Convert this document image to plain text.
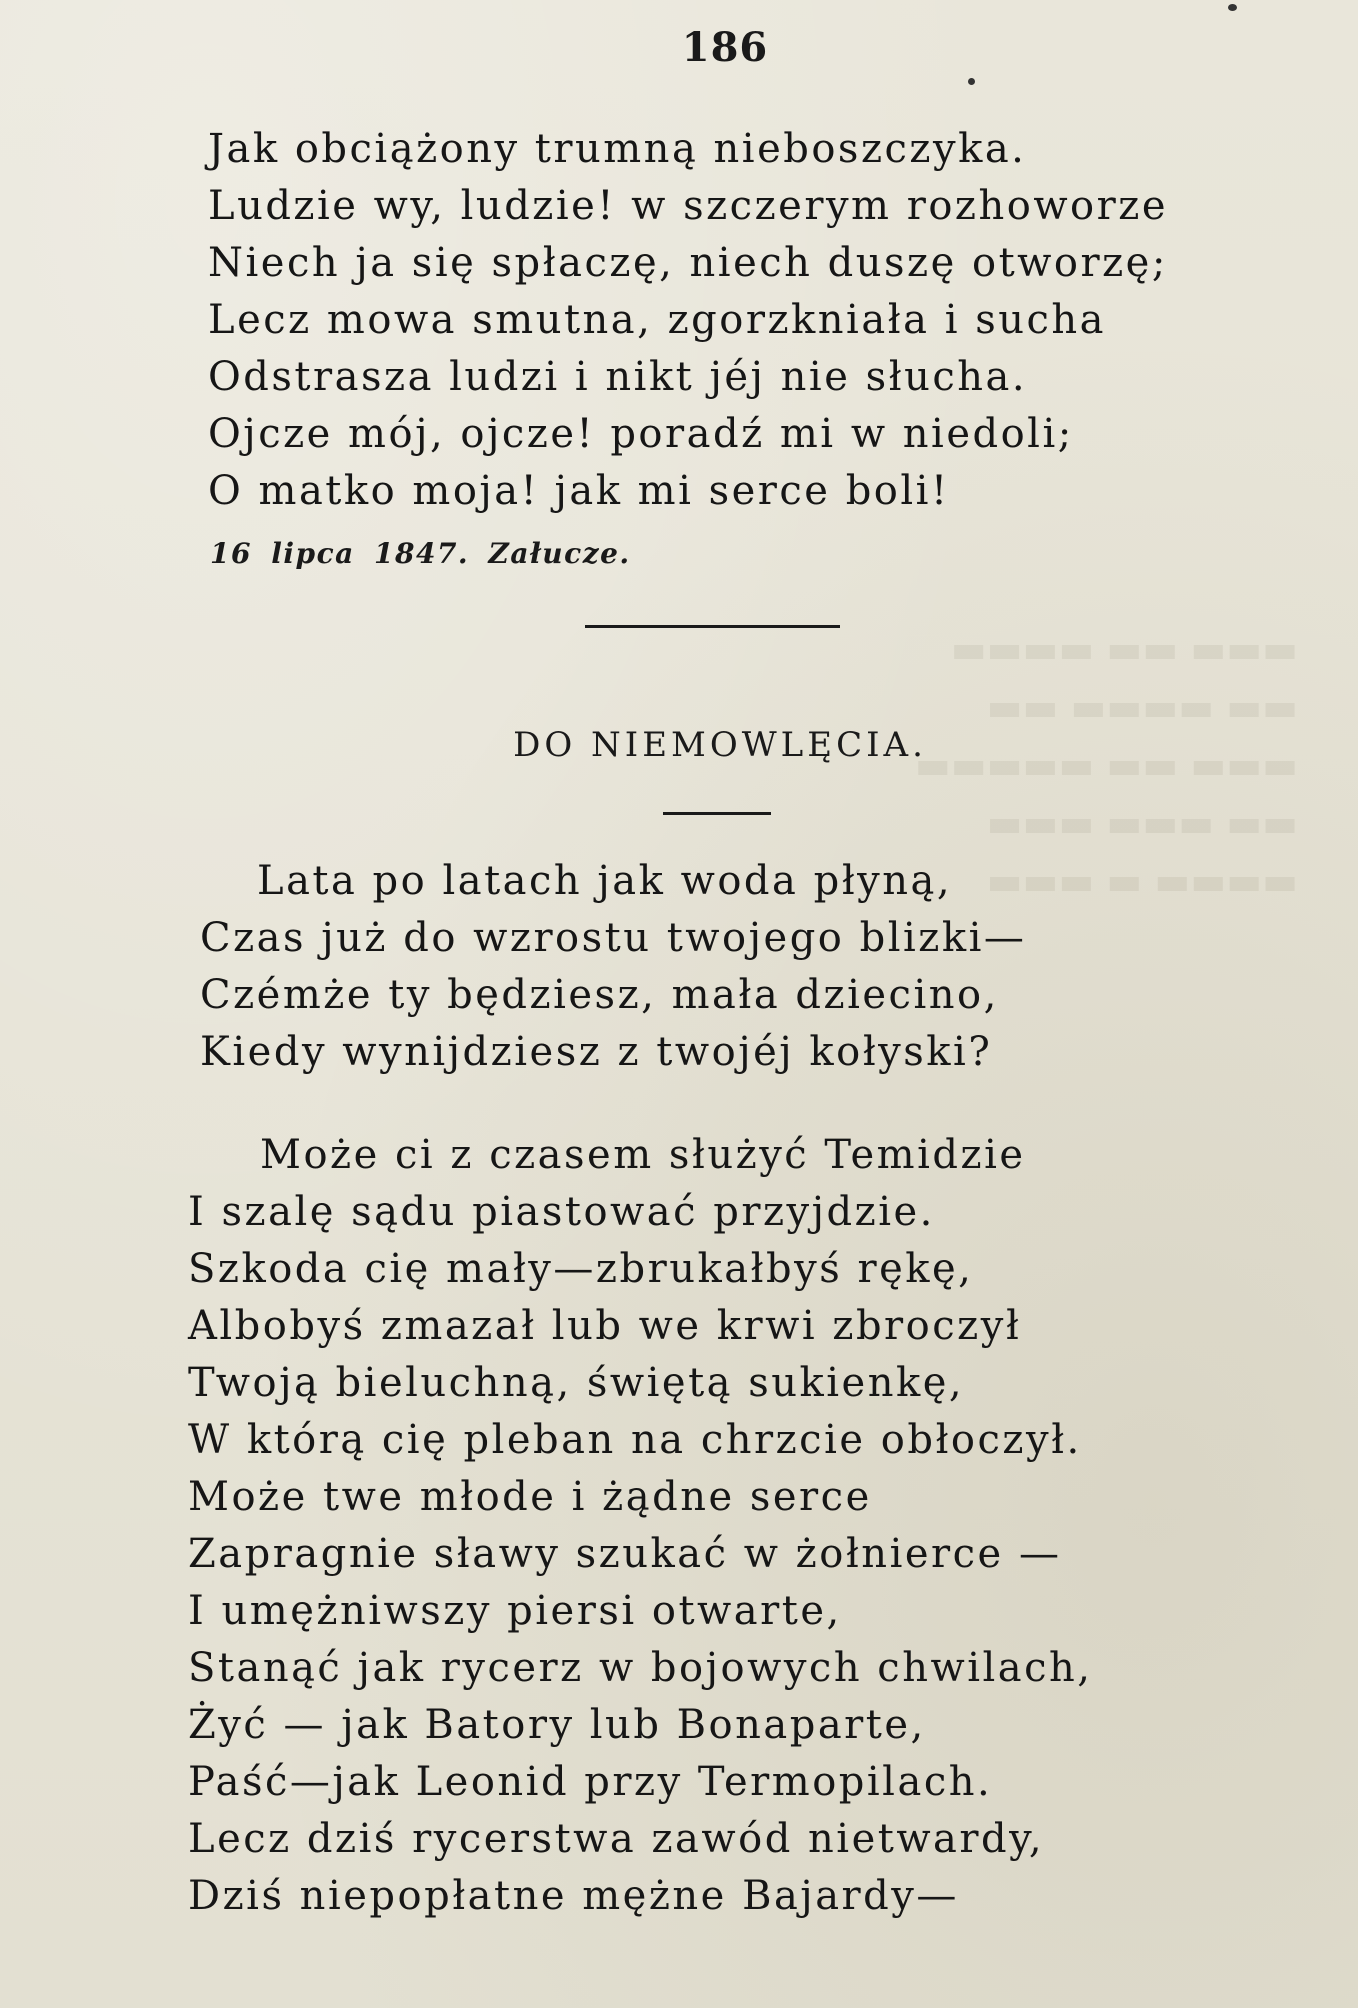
▬▬▬ ▬▬ ▬▬▬▬
▬▬ ▬▬▬▬ ▬▬
▬▬▬ ▬▬ ▬▬▬▬▬
▬▬ ▬▬▬ ▬▬▬
▬▬▬▬ ▬ ▬▬▬
186
Jak obciążony trumną nieboszczyka.
Ludzie wy, ludzie! w szczerym rozhoworze
Niech ja się spłaczę, niech duszę otworzę;
Lecz mowa smutna, zgorzkniała i sucha
Odstrasza ludzi i nikt jéj nie słucha.
Ojcze mój, ojcze! poradź mi w niedoli;
O matko moja! jak mi serce boli!
16 lipca 1847. Załucze.
DO NIEMOWLĘCIA.
Lata po latach jak woda płyną,
Czas już do wzrostu twojego blizki—
Czémże ty będziesz, mała dziecino,
Kiedy wynijdziesz z twojéj kołyski?
Może ci z czasem służyć Temidzie
I szalę sądu piastować przyjdzie.
Szkoda cię mały—zbrukałbyś rękę,
Albobyś zmazał lub we krwi zbroczył
Twoją bieluchną, świętą sukienkę,
W którą cię pleban na chrzcie obłoczył.
Może twe młode i żądne serce
Zapragnie sławy szukać w żołnierce —
I umężniwszy piersi otwarte,
Stanąć jak rycerz w bojowych chwilach,
Żyć — jak Batory lub Bonaparte,
Paść—jak Leonid przy Termopilach.
Lecz dziś rycerstwa zawód nietwardy,
Dziś niepopłatne mężne Bajardy—
